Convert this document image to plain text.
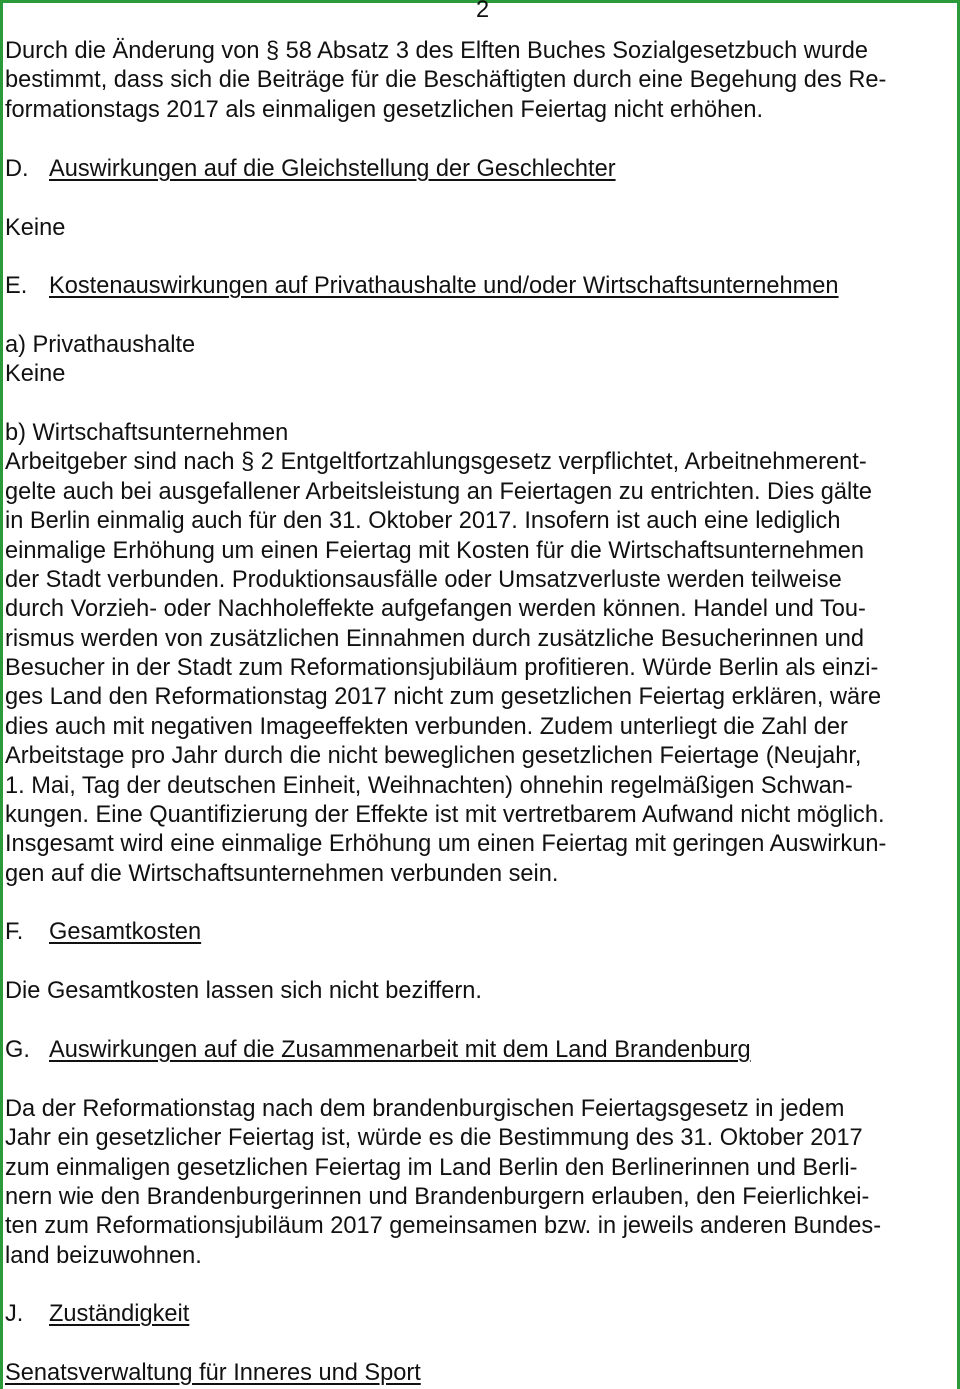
2
Durch die Änderung von § 58 Absatz 3 des Elften Buches Sozialgesetzbuch wurde
bestimmt, dass sich die Beiträge für die Beschäftigten durch eine Begehung des Re-
formationstags 2017 als einmaligen gesetzlichen Feiertag nicht erhöhen.
D. Auswirkungen auf die Gleichstellung der Geschlechter
Keine
E. Kostenauswirkungen auf Privathaushalte und/oder Wirtschaftsunternehmen
a) Privathaushalte
Keine
b) Wirtschaftsunternehmen
Arbeitgeber sind nach § 2 Entgeltfortzahlungsgesetz verpflichtet, Arbeitnehmerent-
gelte auch bei ausgefallener Arbeitsleistung an Feiertagen zu entrichten. Dies gälte
in Berlin einmalig auch für den 31. Oktober 2017. Insofern ist auch eine lediglich
einmalige Erhöhung um einen Feiertag mit Kosten für die Wirtschaftsunternehmen
der Stadt verbunden. Produktionsausfälle oder Umsatzverluste werden teilweise
durch Vorzieh- oder Nachholeffekte aufgefangen werden können. Handel und Tou-
rismus werden von zusätzlichen Einnahmen durch zusätzliche Besucherinnen und
Besucher in der Stadt zum Reformationsjubiläum profitieren. Würde Berlin als einzi-
ges Land den Reformationstag 2017 nicht zum gesetzlichen Feiertag erklären, wäre
dies auch mit negativen Imageeffekten verbunden. Zudem unterliegt die Zahl der
Arbeitstage pro Jahr durch die nicht beweglichen gesetzlichen Feiertage (Neujahr,
1. Mai, Tag der deutschen Einheit, Weihnachten) ohnehin regelmäßigen Schwan-
kungen. Eine Quantifizierung der Effekte ist mit vertretbarem Aufwand nicht möglich.
Insgesamt wird eine einmalige Erhöhung um einen Feiertag mit geringen Auswirkun-
gen auf die Wirtschaftsunternehmen verbunden sein.
F. Gesamtkosten
Die Gesamtkosten lassen sich nicht beziffern.
G. Auswirkungen auf die Zusammenarbeit mit dem Land Brandenburg
Da der Reformationstag nach dem brandenburgischen Feiertagsgesetz in jedem
Jahr ein gesetzlicher Feiertag ist, würde es die Bestimmung des 31. Oktober 2017
zum einmaligen gesetzlichen Feiertag im Land Berlin den Berlinerinnen und Berli-
nern wie den Brandenburgerinnen und Brandenburgern erlauben, den Feierlichkei-
ten zum Reformationsjubiläum 2017 gemeinsamen bzw. in jeweils anderen Bundes-
land beizuwohnen.
J. Zuständigkeit
Senatsverwaltung für Inneres und Sport
